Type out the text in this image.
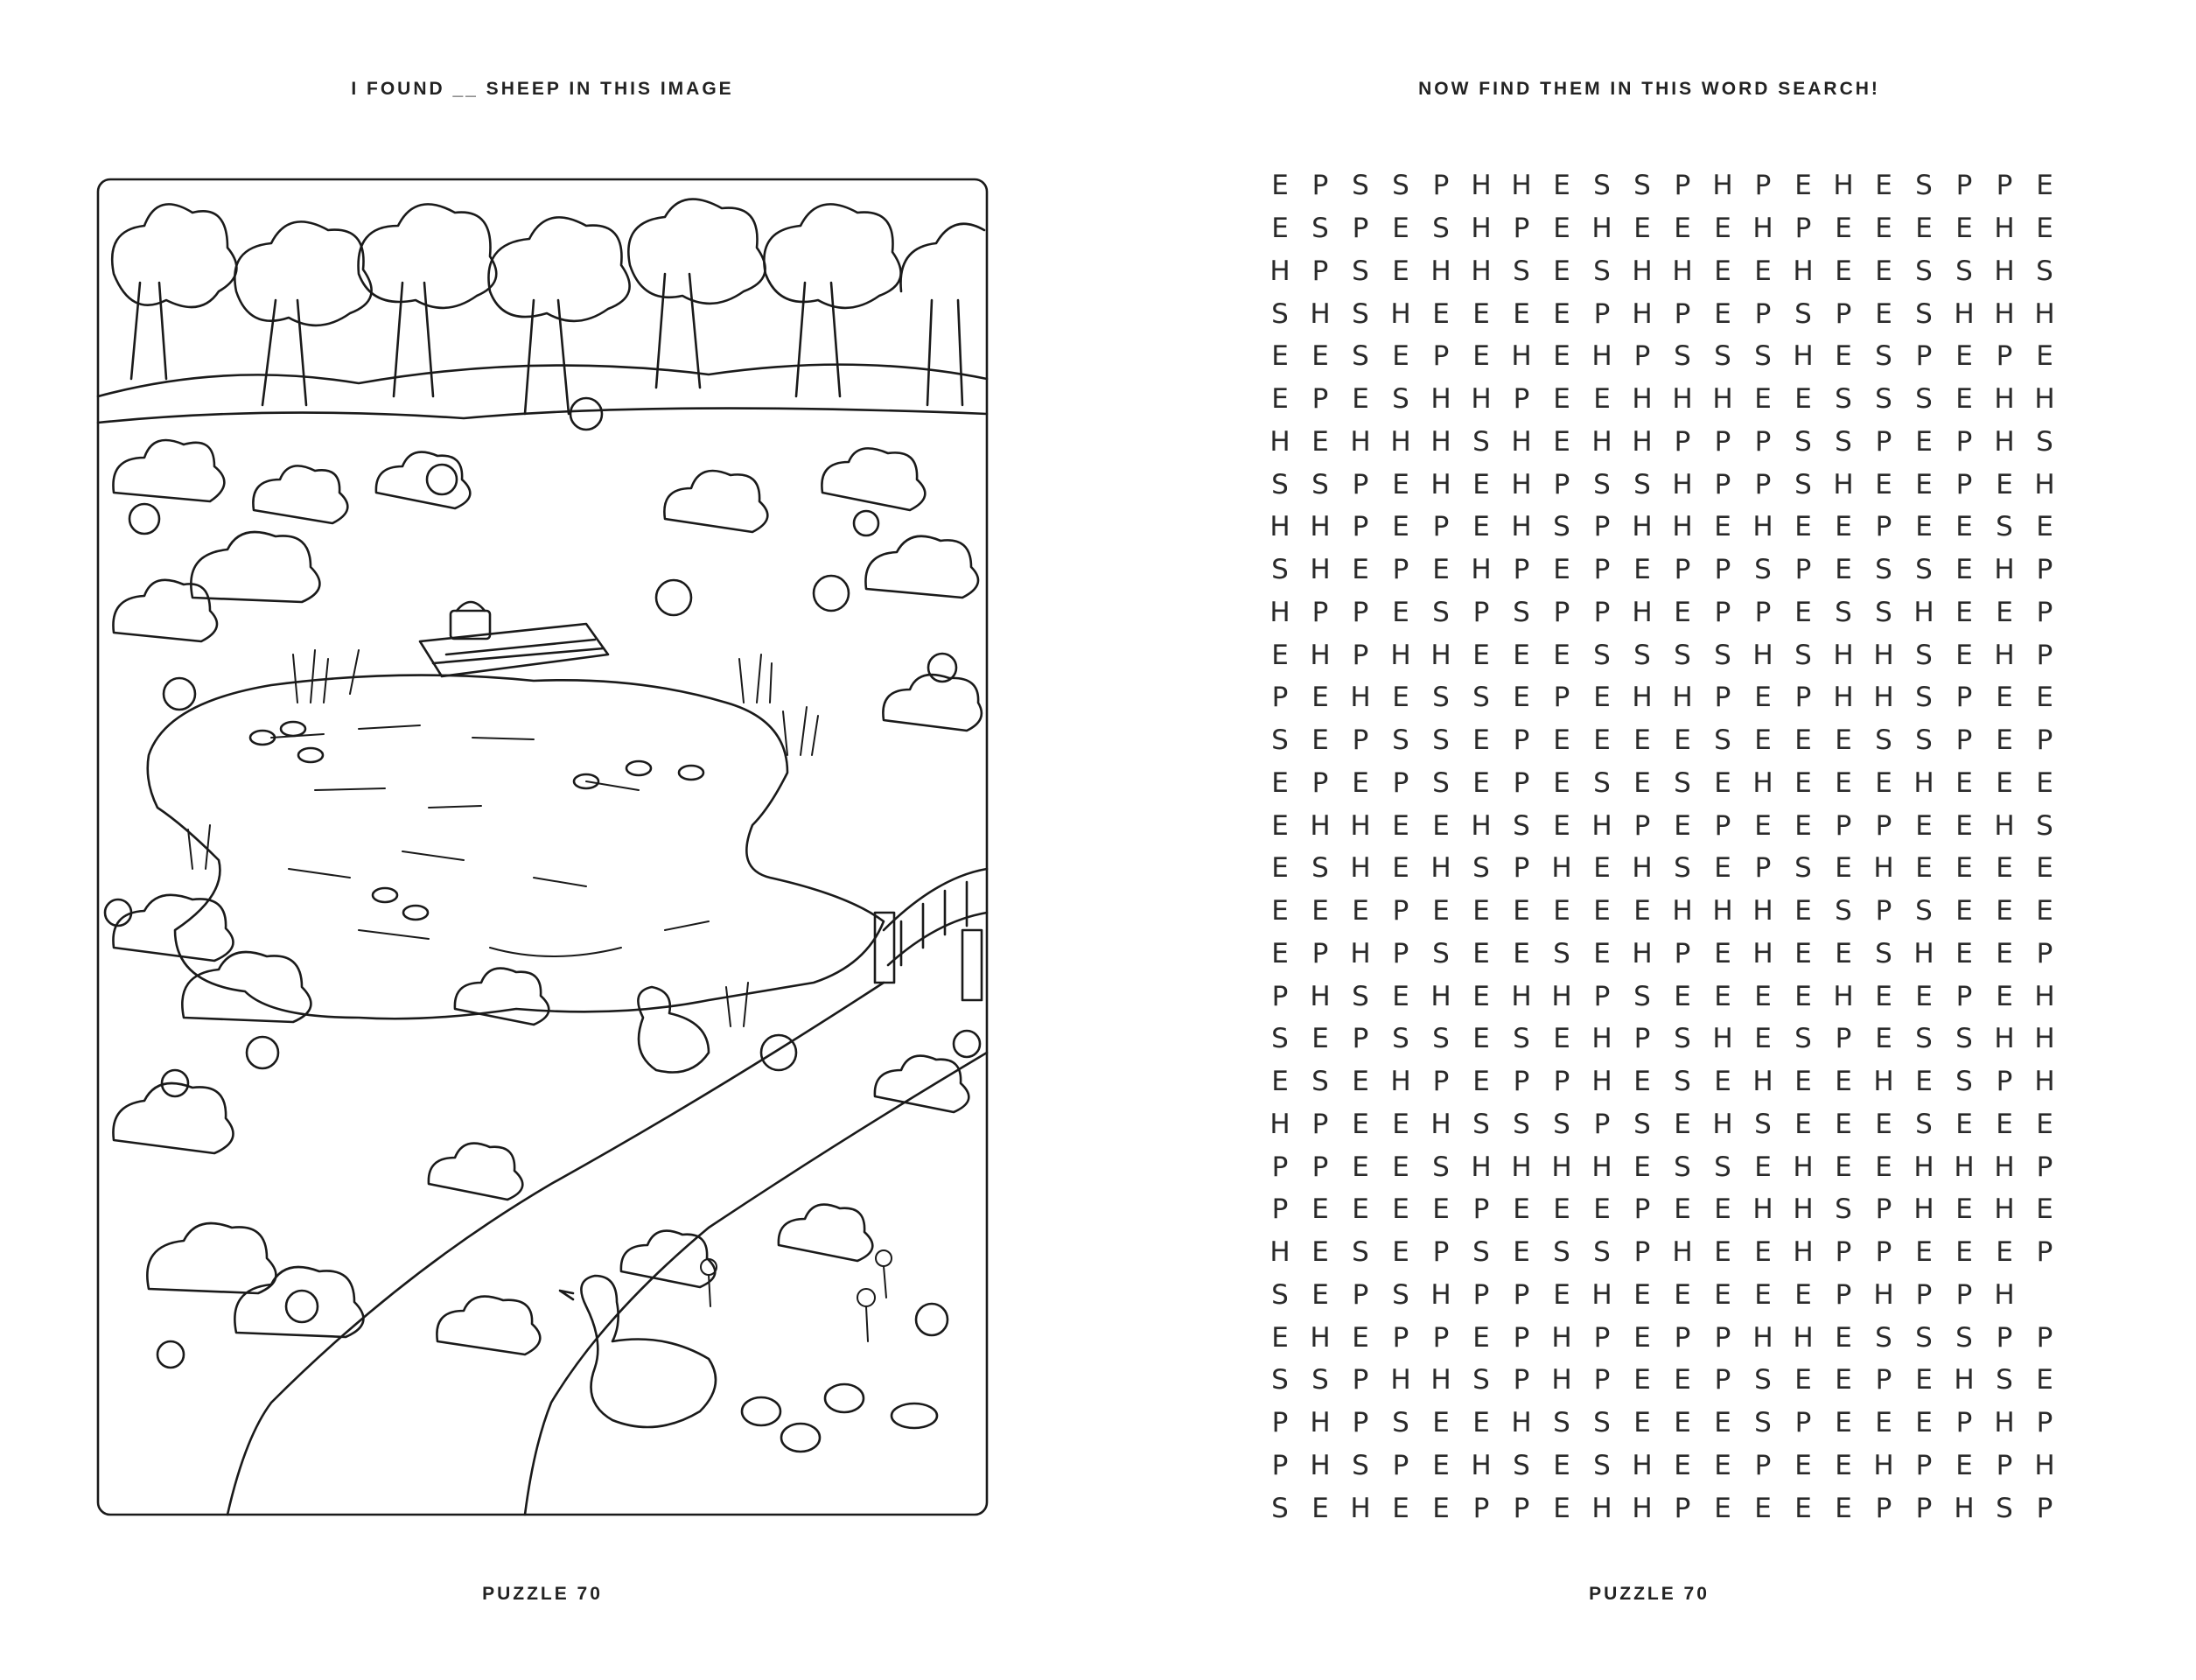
I FOUND __ SHEEP IN THIS IMAGE
PUZZLE 70
NOW FIND THEM IN THIS WORD SEARCH!
PUZZLE 70
E P S S P H H E S S P H P E H E S P P E
E S P E S H P E H E E E H P E E E E H E
H P S E H H S E S H H E E H E E S S H S
S H S H E E E E P H P E P S P E S H H H
E E S E P E H E H P S S S H E S P E P E
E P E S H H P E E H H H E E S S S E H H
H E H H H S H E H H P P P S S P E P H S
S S P E H E H P S S H P P S H E E P E H
H H P E P E H S P H H E H E E P E E S E
S H E P E H P E P E P P S P E S S E H P
H P P E S P S P P H E P P E S S H E E P
E H P H H E E E S S S S H S H H S E H P
P E H E S S E P E H H P E P H H S P E E
S E P S S E P E E E E S E E E S S P E P
E P E P S E P E S E S E H E E E H E E E
E H H E E H S E H P E P E E P P E E H S
E S H E H S P H E H S E P S E H E E E E
E E E P E E E E E E H H H E S P S E E E
E P H P S E E S E H P E H E E S H E E P
P H S E H E H H P S E E E E H E E P E H
S E P S S E S E H P S H E S P E S S H H
E S E H P E P P H E S E H E E H E S P H
H P E E H S S S P S E H S E E E S E E E
P P E E S H H H H E S S E H E E H H H P
P E E E E P E E E P E E H H S P H E H E
H E S E P S E S S P H E E H P P E E E P
S E P S H P P E H E E E E E P H P P H
E H E P P E P H P E P P H H E S S S P P
S S P H H S P H P E E P S E E P E H S E
P H P S E E H S S E E E S P E E E P H P
P H S P E H S E S H E E P E E H P E P H
S E H E E P P E H H P E E E E P P H S P
